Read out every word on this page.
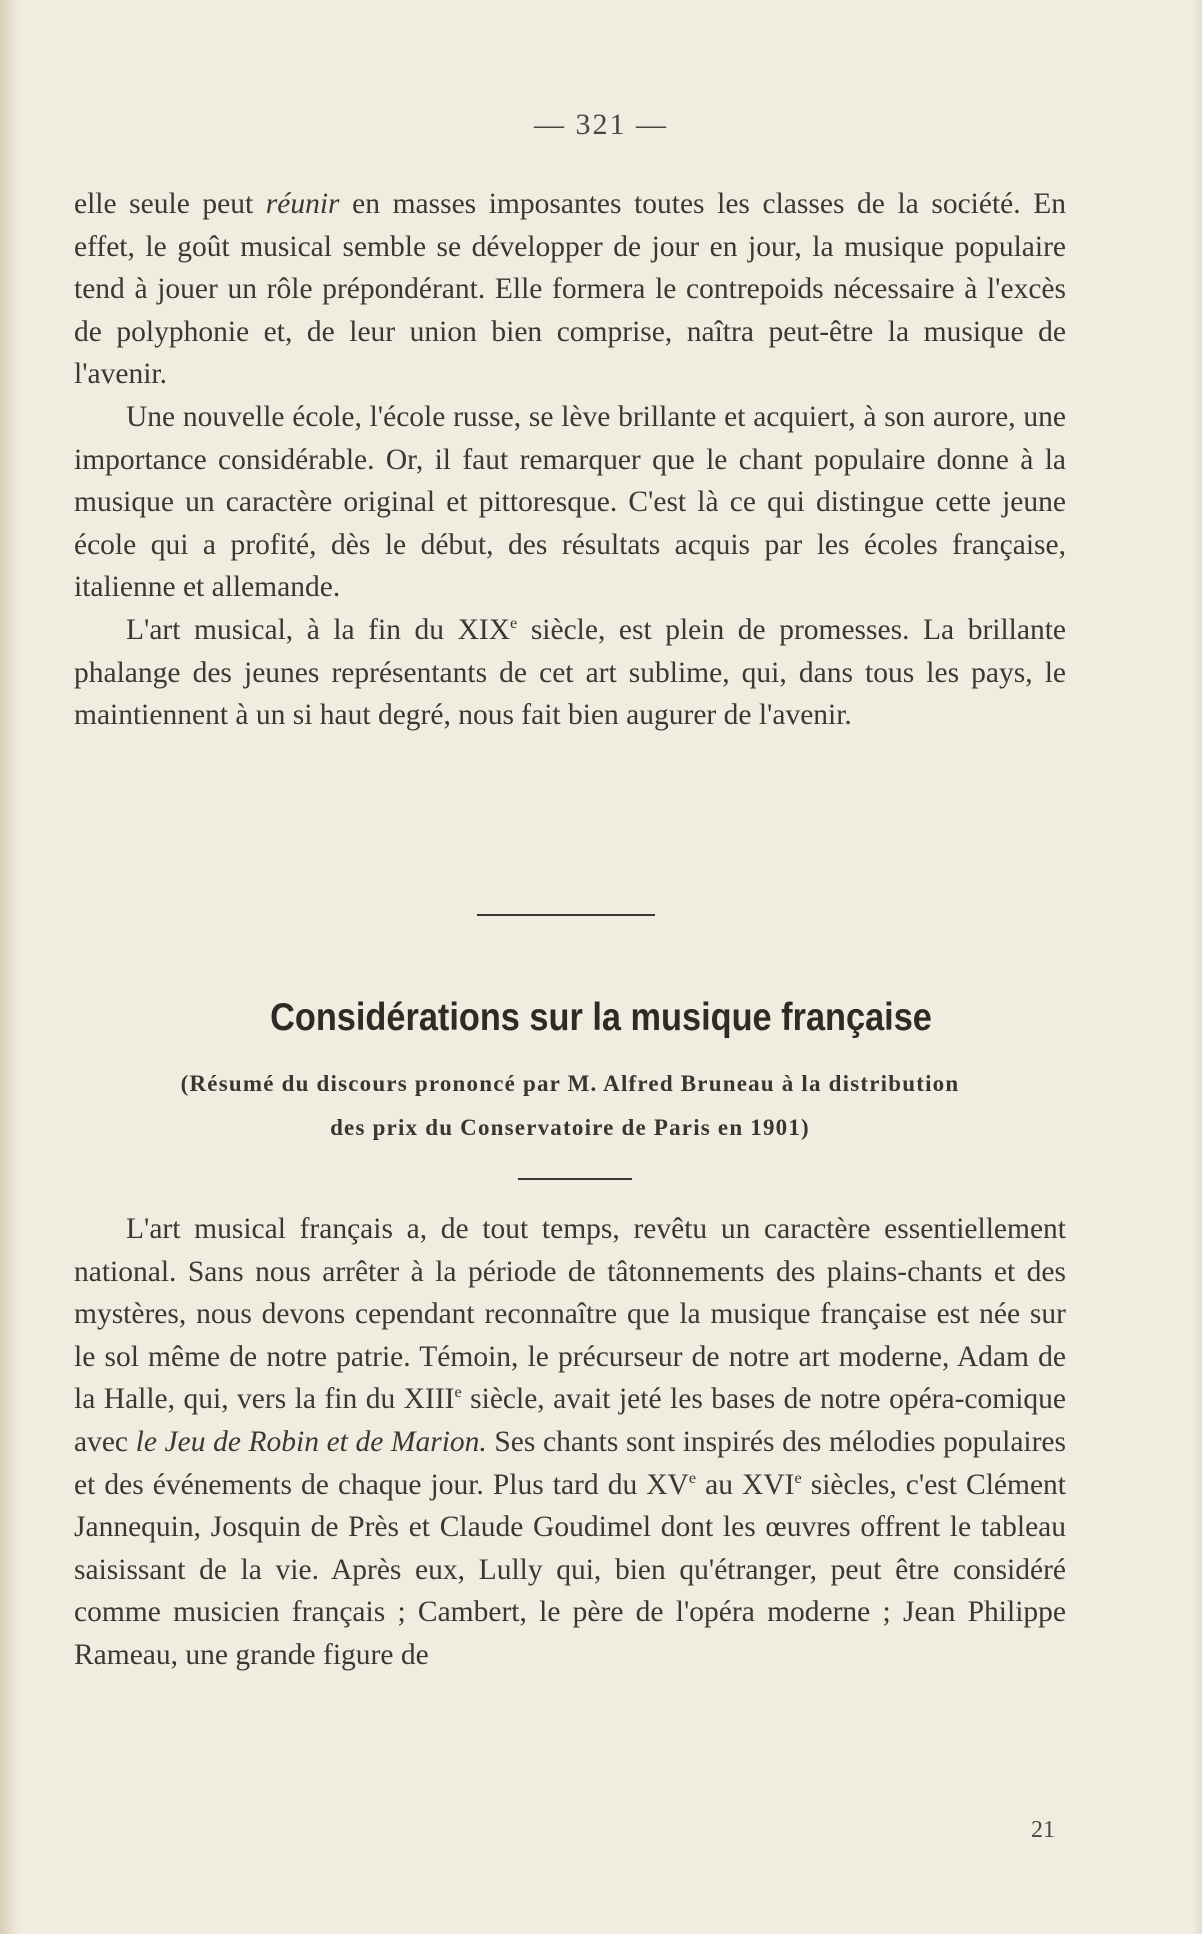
— 321 —

elle seule peut réunir en masses imposantes toutes les classes de la société. En effet, le goût musical semble se développer de jour en jour, la musique populaire tend à jouer un rôle prépondérant. Elle formera le contrepoids nécessaire à l'excès de polyphonie et, de leur union bien comprise, naîtra peut-être la musique de l'avenir.

Une nouvelle école, l'école russe, se lève brillante et acquiert, à son aurore, une importance considérable. Or, il faut remarquer que le chant populaire donne à la musique un caractère original et pittoresque. C'est là ce qui distingue cette jeune école qui a profité, dès le début, des résultats acquis par les écoles française, italienne et allemande.

L'art musical, à la fin du XIXe siècle, est plein de promesses. La brillante phalange des jeunes représentants de cet art sublime, qui, dans tous les pays, le maintiennent à un si haut degré, nous fait bien augurer de l'avenir.

Considérations sur la musique française
(Résumé du discours prononcé par M. Alfred Bruneau à la distribution
des prix du Conservatoire de Paris en 1901)

L'art musical français a, de tout temps, revêtu un caractère essentiellement national. Sans nous arrêter à la période de tâtonnements des plains-chants et des mystères, nous devons cependant reconnaître que la musique française est née sur le sol même de notre patrie. Témoin, le précurseur de notre art moderne, Adam de la Halle, qui, vers la fin du XIIIe siècle, avait jeté les bases de notre opéra-comique avec le Jeu de Robin et de Marion. Ses chants sont inspirés des mélodies populaires et des événements de chaque jour. Plus tard du XVe au XVIe siècles, c'est Clément Jannequin, Josquin de Près et Claude Goudimel dont les œuvres offrent le tableau saisissant de la vie. Après eux, Lully qui, bien qu'étranger, peut être considéré comme musicien français ; Cambert, le père de l'opéra moderne ; Jean Philippe Rameau, une grande figure de

21
